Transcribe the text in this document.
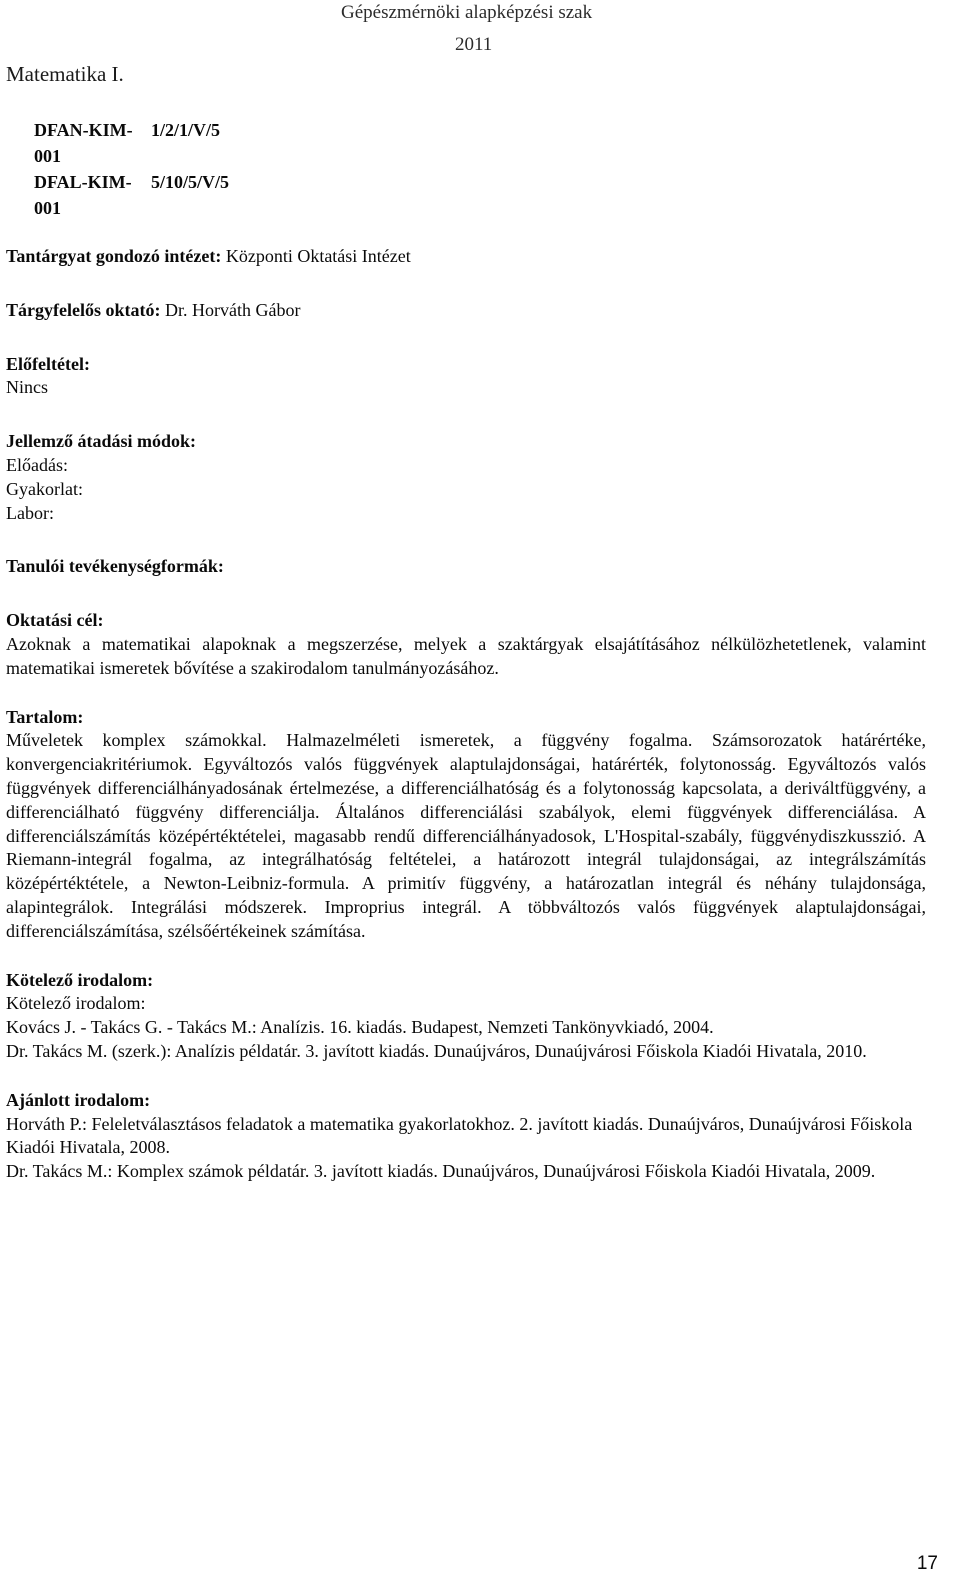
Gépészmérnöki alapképzési szak
2011
Matematika I.
DFAN-KIM-001
1/2/1/V/5
DFAL-KIM-001
5/10/5/V/5
Tantárgyat gondozó intézet: Központi Oktatási Intézet
Tárgyfelelős oktató: Dr. Horváth Gábor
Előfeltétel:
Nincs
Jellemző átadási módok:
Előadás:
Gyakorlat:
Labor:
Tanulói tevékenységformák:
Oktatási cél:
Azoknak a matematikai alapoknak a megszerzése, melyek a szaktárgyak elsajátításához nélkülözhetetlenek, valamint matematikai ismeretek bővítése a szakirodalom tanulmányozásához.
Tartalom:
Műveletek komplex számokkal. Halmazelméleti ismeretek, a függvény fogalma. Számsorozatok határértéke, konvergenciakritériumok. Egyváltozós valós függvények alaptulajdonságai, határérték, folytonosság. Egyváltozós valós függvények differenciálhányadosának értelmezése, a differenciálhatóság és a folytonosság kapcsolata, a deriváltfüggvény, a differenciálható függvény differenciálja. Általános differenciálási szabályok, elemi függvények differenciálása. A differenciálszámítás középértéktételei, magasabb rendű differenciálhányadosok, L'Hospital-szabály, függvénydiszkusszió. A Riemann-integrál fogalma, az integrálhatóság feltételei, a határozott integrál tulajdonságai, az integrálszámítás középértéktétele, a Newton-Leibniz-formula. A primitív függvény, a határozatlan integrál és néhány tulajdonsága, alapintegrálok. Integrálási módszerek. Improprius integrál. A többváltozós valós függvények alaptulajdonságai, differenciálszámítása, szélsőértékeinek számítása.
Kötelező irodalom:
Kötelező irodalom:
Kovács J. - Takács G. - Takács M.: Analízis. 16. kiadás. Budapest, Nemzeti Tankönyvkiadó, 2004.
Dr. Takács M. (szerk.): Analízis példatár. 3. javított kiadás. Dunaújváros, Dunaújvárosi Főiskola Kiadói Hivatala, 2010.
Ajánlott irodalom:
Horváth P.: Feleletválasztásos feladatok a matematika gyakorlatokhoz. 2. javított kiadás. Dunaújváros, Dunaújvárosi Főiskola Kiadói Hivatala, 2008.
Dr. Takács M.: Komplex számok példatár. 3. javított kiadás. Dunaújváros, Dunaújvárosi Főiskola Kiadói Hivatala, 2009.
17
